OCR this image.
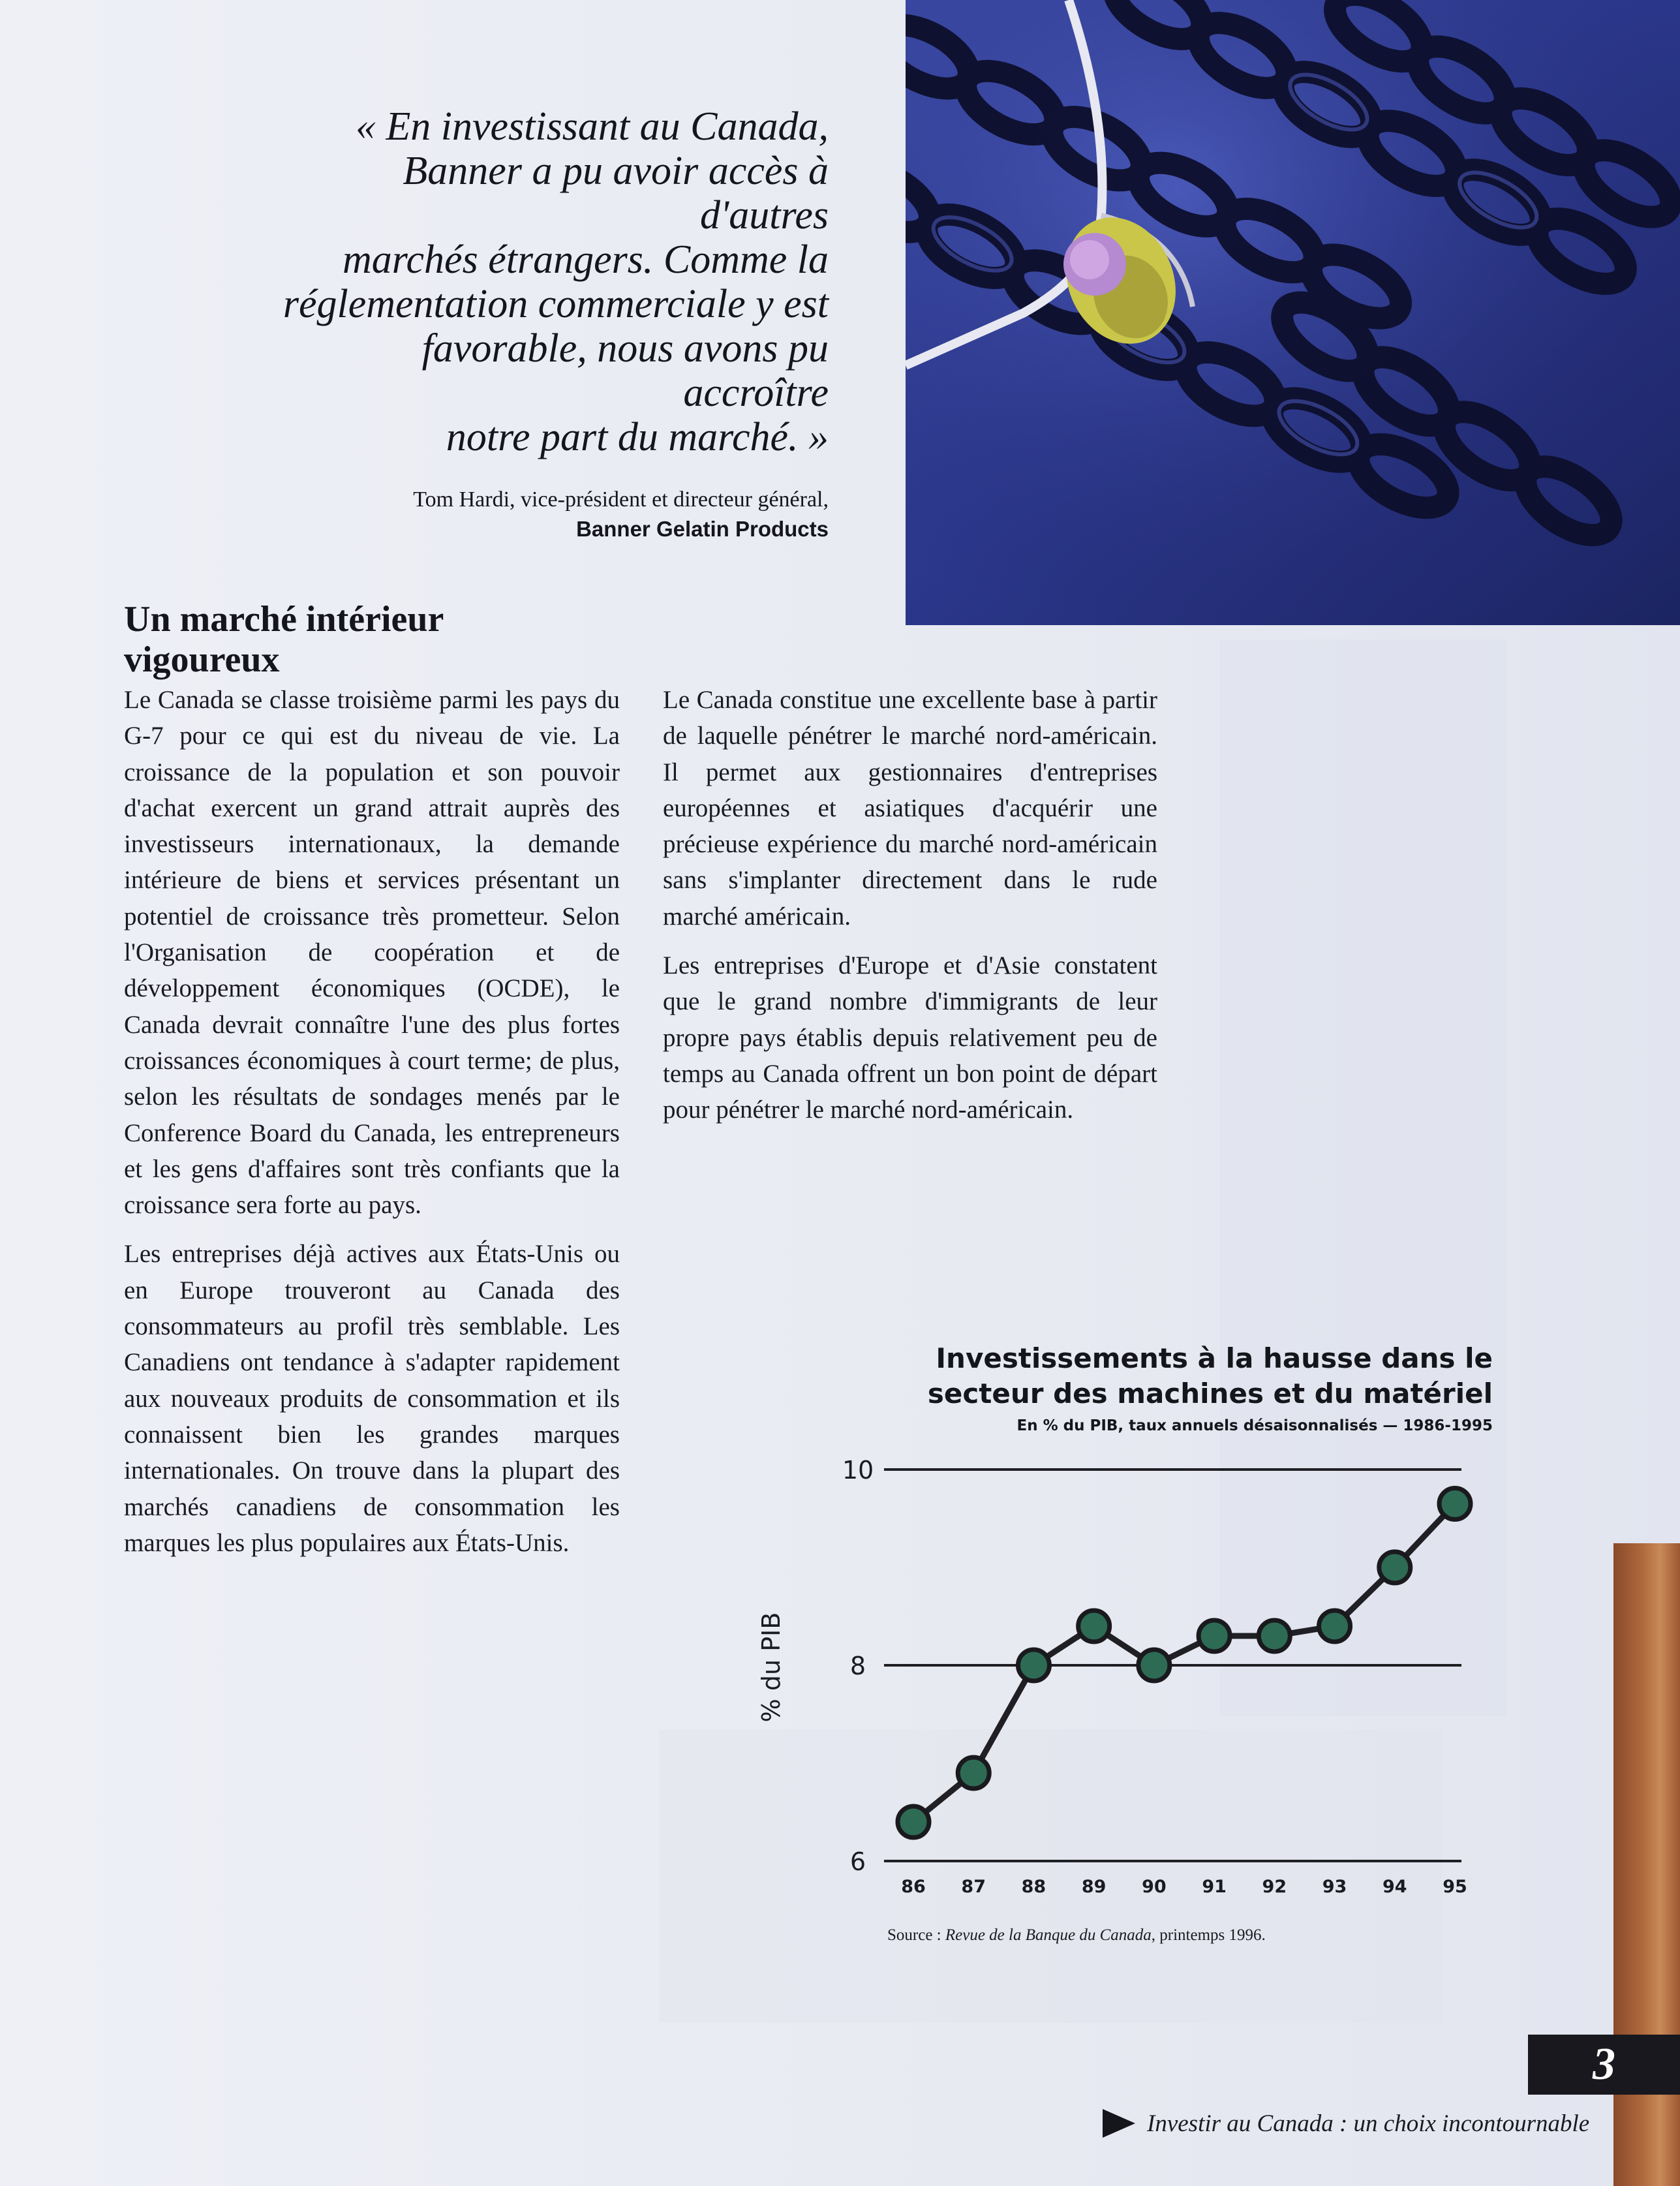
« En investissant au Canada,
Banner a pu avoir accès à d'autres
marchés étrangers. Comme la
réglementation commerciale y est
favorable, nous avons pu accroître
notre part du marché. »
Tom Hardi, vice-président et directeur général,
Banner Gelatin Products
Un marché intérieur
vigoureux

Le Canada se classe troisième parmi les pays du G-7 pour ce qui est du niveau de vie. La croissance de la population et son pouvoir d'achat exercent un grand attrait auprès des investisseurs internationaux, la demande intérieure de biens et services présentant un potentiel de croissance très prometteur. Selon l'Organisation de coopération et de développement économiques (OCDE), le Canada devrait connaître l'une des plus fortes croissances économiques à court terme; de plus, selon les résultats de sondages menés par le Conference Board du Canada, les entrepreneurs et les gens d'affaires sont très confiants que la croissance sera forte au pays.

Les entreprises déjà actives aux États-Unis ou en Europe trouveront au Canada des consommateurs au profil très semblable. Les Canadiens ont tendance à s'adapter rapidement aux nouveaux produits de consommation et ils connaissent bien les grandes marques internationales. On trouve dans la plupart des marchés canadiens de consommation les marques les plus populaires aux États-Unis.

Le Canada constitue une excellente base à partir de laquelle pénétrer le marché nord-américain. Il permet aux gestionnaires d'entreprises européennes et asiatiques d'acquérir une précieuse expérience du marché nord-américain sans s'implanter directement dans le rude marché américain.

Les entreprises d'Europe et d'Asie constatent que le grand nombre d'immigrants de leur propre pays établis depuis relativement peu de temps au Canada offrent un bon point de départ pour pénétrer le marché nord-américain.

Investissements à la hausse dans le
secteur des machines et du matériel
En % du PIB, taux annuels désaisonnalisés — 1986-1995
6
8
10
% du PIB
86 87 88 89 90 91 92 93 94 95
Source : Revue de la Banque du Canada, printemps 1996.
3
Investir au Canada : un choix incontournable
